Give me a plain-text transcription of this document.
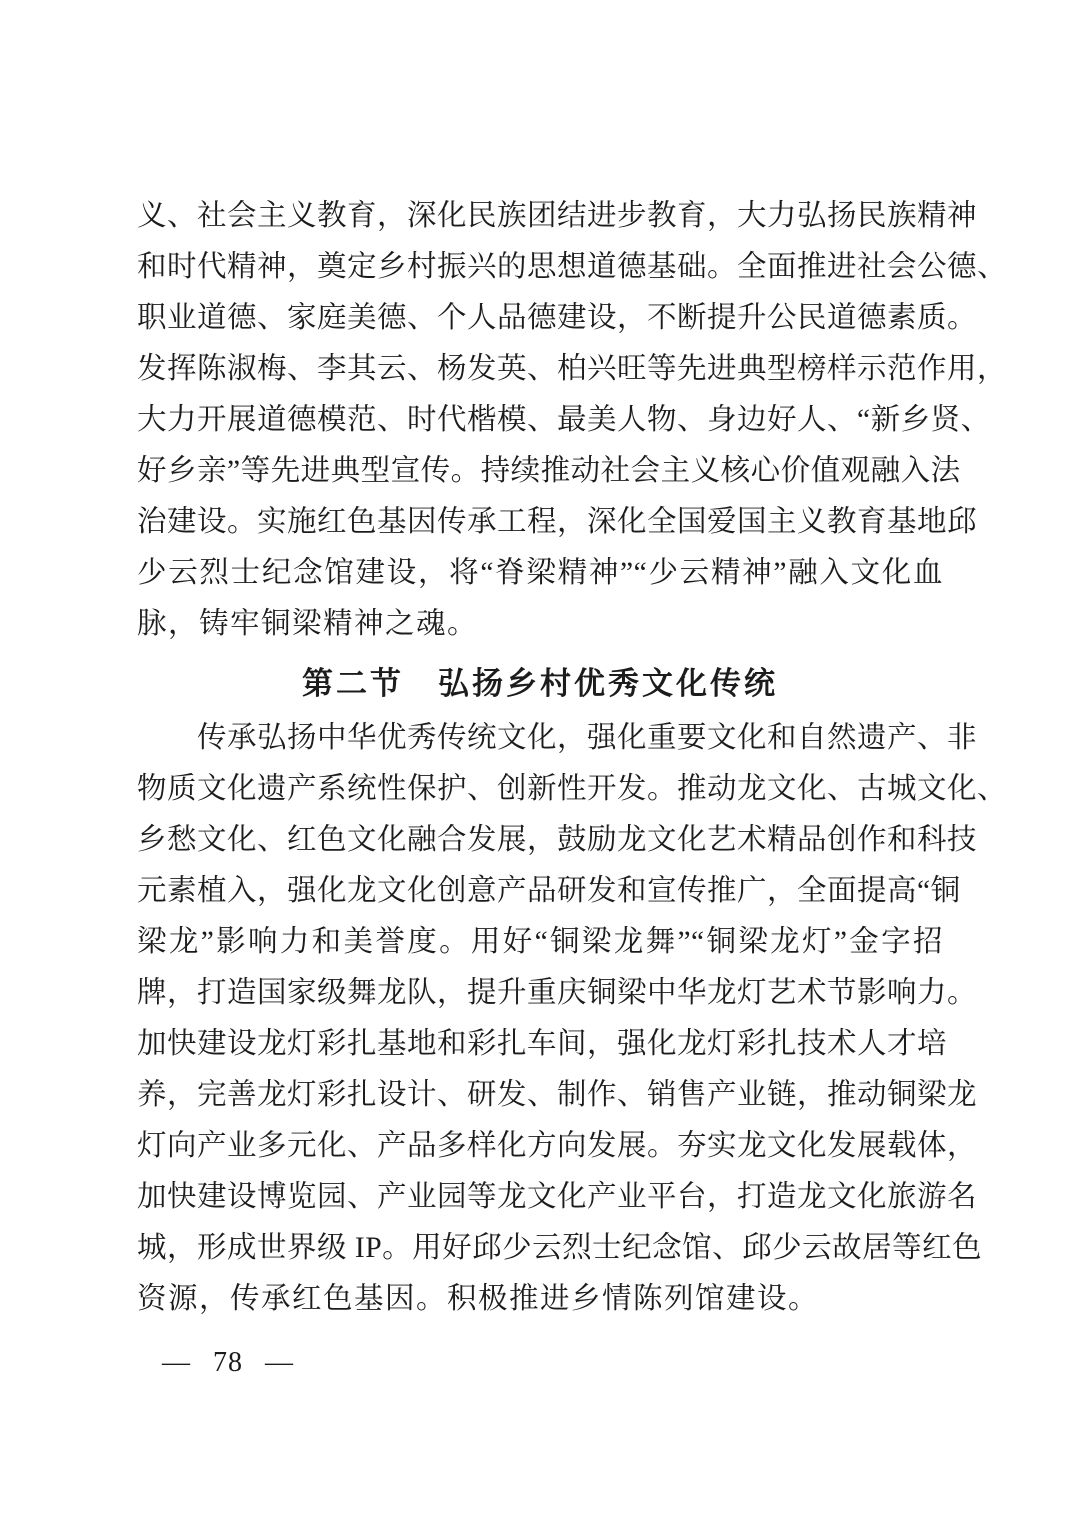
义、社会主义教育，深化民族团结进步教育，大力弘扬民族精神
和时代精神，奠定乡村振兴的思想道德基础。全面推进社会公德、
职业道德、家庭美德、个人品德建设，不断提升公民道德素质。
发挥陈淑梅、李其云、杨发英、柏兴旺等先进典型榜样示范作用，
大力开展道德模范、时代楷模、最美人物、身边好人、“新乡贤、
好乡亲”等先进典型宣传。持续推动社会主义核心价值观融入法
治建设。实施红色基因传承工程，深化全国爱国主义教育基地邱
少云烈士纪念馆建设，将“脊梁精神”“少云精神”融入文化血
脉，铸牢铜梁精神之魂。
第二节　弘扬乡村优秀文化传统
传承弘扬中华优秀传统文化，强化重要文化和自然遗产、非
物质文化遗产系统性保护、创新性开发。推动龙文化、古城文化、
乡愁文化、红色文化融合发展，鼓励龙文化艺术精品创作和科技
元素植入，强化龙文化创意产品研发和宣传推广，全面提高“铜
梁龙”影响力和美誉度。用好“铜梁龙舞”“铜梁龙灯”金字招
牌，打造国家级舞龙队，提升重庆铜梁中华龙灯艺术节影响力。
加快建设龙灯彩扎基地和彩扎车间，强化龙灯彩扎技术人才培
养，完善龙灯彩扎设计、研发、制作、销售产业链，推动铜梁龙
灯向产业多元化、产品多样化方向发展。夯实龙文化发展载体，
加快建设博览园、产业园等龙文化产业平台，打造龙文化旅游名
城，形成世界级 IP。用好邱少云烈士纪念馆、邱少云故居等红色
资源，传承红色基因。积极推进乡情陈列馆建设。
— 78 —
